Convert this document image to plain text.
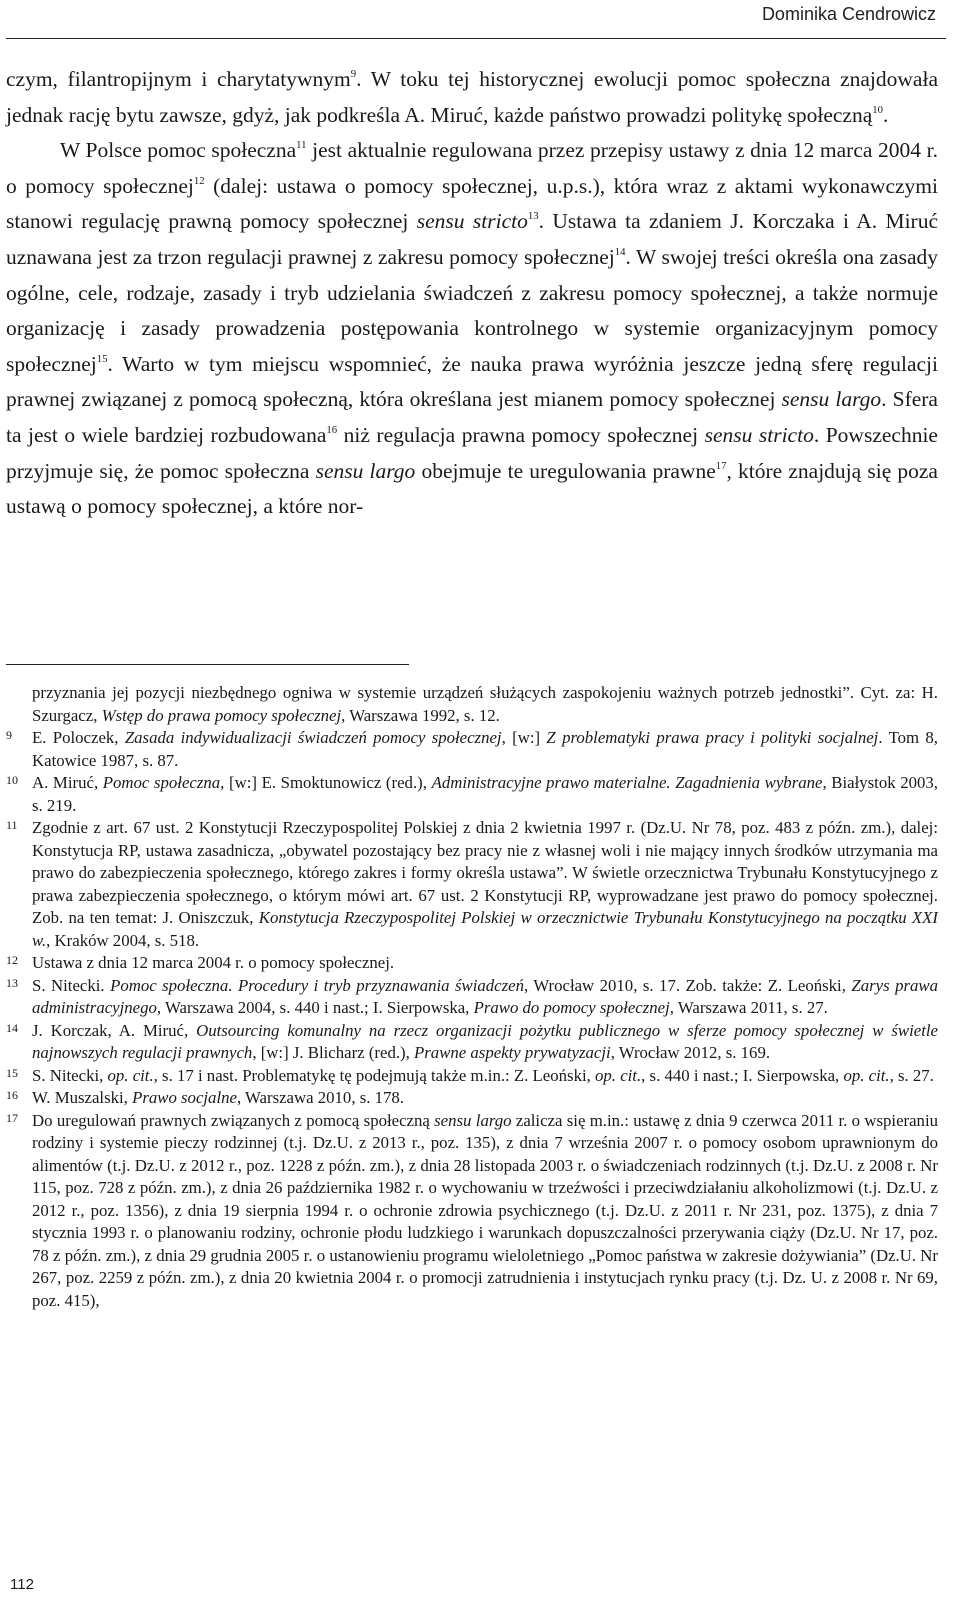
Dominika Cendrowicz

czym, filantropijnym i charytatywnym$^9$. W toku tej historycznej ewolucji pomoc społeczna znajdowała jednak rację bytu zawsze, gdyż, jak podkreśla A. Miruć, każde państwo prowadzi politykę społeczną$^{10}$.

W Polsce pomoc społeczna$^{11}$ jest aktualnie regulowana przez przepisy ustawy z dnia 12 marca 2004 r. o pomocy społecznej$^{12}$ (dalej: ustawa o pomocy społecznej, u.p.s.), która wraz z aktami wykonawczymi stanowi regulację prawną pomocy społecznej sensu stricto$^{13}$. Ustawa ta zdaniem J. Korczaka i A. Miruć uznawana jest za trzon regulacji prawnej z zakresu pomocy społecznej$^{14}$. W swojej treści określa ona zasady ogólne, cele, rodzaje, zasady i tryb udzielania świadczeń z zakresu pomocy społecznej, a także normuje organizację i zasady prowadzenia postępowania kontrolnego w systemie organizacyjnym pomocy społecznej$^{15}$. Warto w tym miejscu wspomnieć, że nauka prawa wyróżnia jeszcze jedną sferę regulacji prawnej związanej z pomocą społeczną, która określana jest mianem pomocy społecznej sensu largo. Sfera ta jest o wiele bardziej rozbudowana$^{16}$ niż regulacja prawna pomocy społecznej sensu stricto. Powszechnie przyjmuje się, że pomoc społeczna sensu largo obejmuje te uregulowania prawne$^{17}$, które znajdują się poza ustawą o pomocy społecznej, a które nor-

przyznania jej pozycji niezbędnego ogniwa w systemie urządzeń służących zaspokojeniu ważnych potrzeb jednostki”. Cyt. za: H. Szurgacz, Wstęp do prawa pomocy społecznej, Warszawa 1992, s. 12.

9 E. Poloczek, Zasada indywidualizacji świadczeń pomocy społecznej, [w:] Z problematyki prawa pracy i polityki socjalnej. Tom 8, Katowice 1987, s. 87.

10 A. Miruć, Pomoc społeczna, [w:] E. Smoktunowicz (red.), Administracyjne prawo materialne. Zagadnienia wybrane, Białystok 2003, s. 219.

11 Zgodnie z art. 67 ust. 2 Konstytucji Rzeczypospolitej Polskiej z dnia 2 kwietnia 1997 r. (Dz.U. Nr 78, poz. 483 z późn. zm.), dalej: Konstytucja RP, ustawa zasadnicza, „obywatel pozostający bez pracy nie z własnej woli i nie mający innych środków utrzymania ma prawo do zabezpieczenia społecznego, którego zakres i formy określa ustawa”. W świetle orzecznictwa Trybunału Konstytucyjnego z prawa zabezpieczenia społecznego, o którym mówi art. 67 ust. 2 Konstytucji RP, wyprowadzane jest prawo do pomocy społecznej. Zob. na ten temat: J. Oniszczuk, Konstytucja Rzeczypospolitej Polskiej w orzecznictwie Trybunału Konstytucyjnego na początku XXI w., Kraków 2004, s. 518.

12 Ustawa z dnia 12 marca 2004 r. o pomocy społecznej.

13 S. Nitecki. Pomoc społeczna. Procedury i tryb przyznawania świadczeń, Wrocław 2010, s. 17. Zob. także: Z. Leoński, Zarys prawa administracyjnego, Warszawa 2004, s. 440 i nast.; I. Sierpowska, Prawo do pomocy społecznej, Warszawa 2011, s. 27.

14 J. Korczak, A. Miruć, Outsourcing komunalny na rzecz organizacji pożytku publicznego w sferze pomocy społecznej w świetle najnowszych regulacji prawnych, [w:] J. Blicharz (red.), Prawne aspekty prywatyzacji, Wrocław 2012, s. 169.

15 S. Nitecki, op. cit., s. 17 i nast. Problematykę tę podejmują także m.in.: Z. Leoński, op. cit., s. 440 i nast.; I. Sierpowska, op. cit., s. 27.

16 W. Muszalski, Prawo socjalne, Warszawa 2010, s. 178.

17 Do uregulowań prawnych związanych z pomocą społeczną sensu largo zalicza się m.in.: ustawę z dnia 9 czerwca 2011 r. o wspieraniu rodziny i systemie pieczy rodzinnej (t.j. Dz.U. z 2013 r., poz. 135), z dnia 7 września 2007 r. o pomocy osobom uprawnionym do alimentów (t.j. Dz.U. z 2012 r., poz. 1228 z późn. zm.), z dnia 28 listopada 2003 r. o świadczeniach rodzinnych (t.j. Dz.U. z 2008 r. Nr 115, poz. 728 z późn. zm.), z dnia 26 października 1982 r. o wychowaniu w trzeźwości i przeciwdziałaniu alkoholizmowi (t.j. Dz.U. z 2012 r., poz. 1356), z dnia 19 sierpnia 1994 r. o ochronie zdrowia psychicznego (t.j. Dz.U. z 2011 r. Nr 231, poz. 1375), z dnia 7 stycznia 1993 r. o planowaniu rodziny, ochronie płodu ludzkiego i warunkach dopuszczalności przerywania ciąży (Dz.U. Nr 17, poz. 78 z późn. zm.), z dnia 29 grudnia 2005 r. o ustanowieniu programu wieloletniego „Pomoc państwa w zakresie dożywiania” (Dz.U. Nr 267, poz. 2259 z późn. zm.), z dnia 20 kwietnia 2004 r. o promocji zatrudnienia i instytucjach rynku pracy (t.j. Dz. U. z 2008 r. Nr 69, poz. 415),

112
